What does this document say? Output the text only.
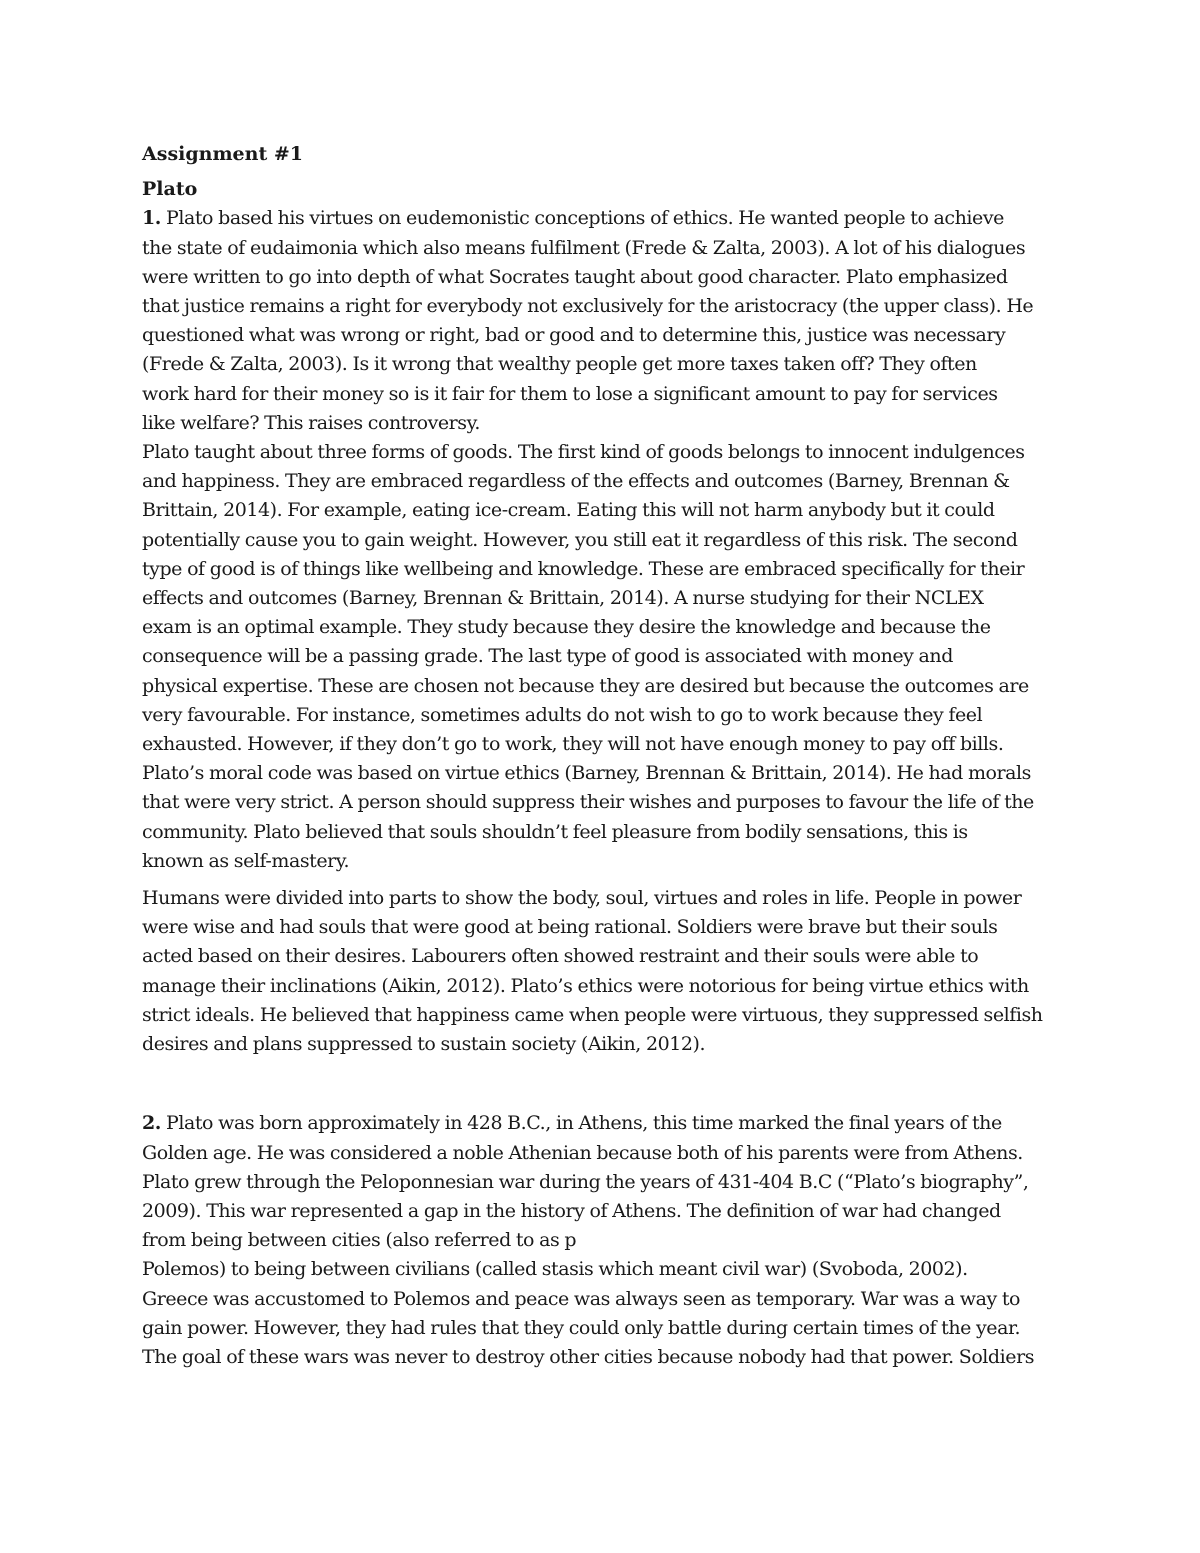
Assignment #1
Plato
1. Plato based his virtues on eudemonistic conceptions of ethics. He wanted people to achieve
the state of eudaimonia which also means fulfilment (Frede & Zalta, 2003). A lot of his dialogues
were written to go into depth of what Socrates taught about good character. Plato emphasized
that justice remains a right for everybody not exclusively for the aristocracy (the upper class). He
questioned what was wrong or right, bad or good and to determine this, justice was necessary
(Frede & Zalta, 2003). Is it wrong that wealthy people get more taxes taken off? They often
work hard for their money so is it fair for them to lose a significant amount to pay for services
like welfare? This raises controversy.
Plato taught about three forms of goods. The first kind of goods belongs to innocent indulgences
and happiness. They are embraced regardless of the effects and outcomes (Barney, Brennan &
Brittain, 2014). For example, eating ice-cream. Eating this will not harm anybody but it could
potentially cause you to gain weight. However, you still eat it regardless of this risk. The second
type of good is of things like wellbeing and knowledge. These are embraced specifically for their
effects and outcomes (Barney, Brennan & Brittain, 2014). A nurse studying for their NCLEX
exam is an optimal example. They study because they desire the knowledge and because the
consequence will be a passing grade. The last type of good is associated with money and
physical expertise. These are chosen not because they are desired but because the outcomes are
very favourable. For instance, sometimes adults do not wish to go to work because they feel
exhausted. However, if they don’t go to work, they will not have enough money to pay off bills.
Plato’s moral code was based on virtue ethics (Barney, Brennan & Brittain, 2014). He had morals
that were very strict. A person should suppress their wishes and purposes to favour the life of the
community. Plato believed that souls shouldn’t feel pleasure from bodily sensations, this is
known as self-mastery.
Humans were divided into parts to show the body, soul, virtues and roles in life. People in power
were wise and had souls that were good at being rational. Soldiers were brave but their souls
acted based on their desires. Labourers often showed restraint and their souls were able to
manage their inclinations (Aikin, 2012). Plato’s ethics were notorious for being virtue ethics with
strict ideals. He believed that happiness came when people were virtuous, they suppressed selfish
desires and plans suppressed to sustain society (Aikin, 2012).
2. Plato was born approximately in 428 B.C., in Athens, this time marked the final years of the
Golden age. He was considered a noble Athenian because both of his parents were from Athens.
Plato grew through the Peloponnesian war during the years of 431-404 B.C (“Plato’s biography”,
2009). This war represented a gap in the history of Athens. The definition of war had changed
from being between cities (also referred to as p
Polemos) to being between civilians (called stasis which meant civil war) (Svoboda, 2002).
Greece was accustomed to Polemos and peace was always seen as temporary. War was a way to
gain power. However, they had rules that they could only battle during certain times of the year.
The goal of these wars was never to destroy other cities because nobody had that power. Soldiers
